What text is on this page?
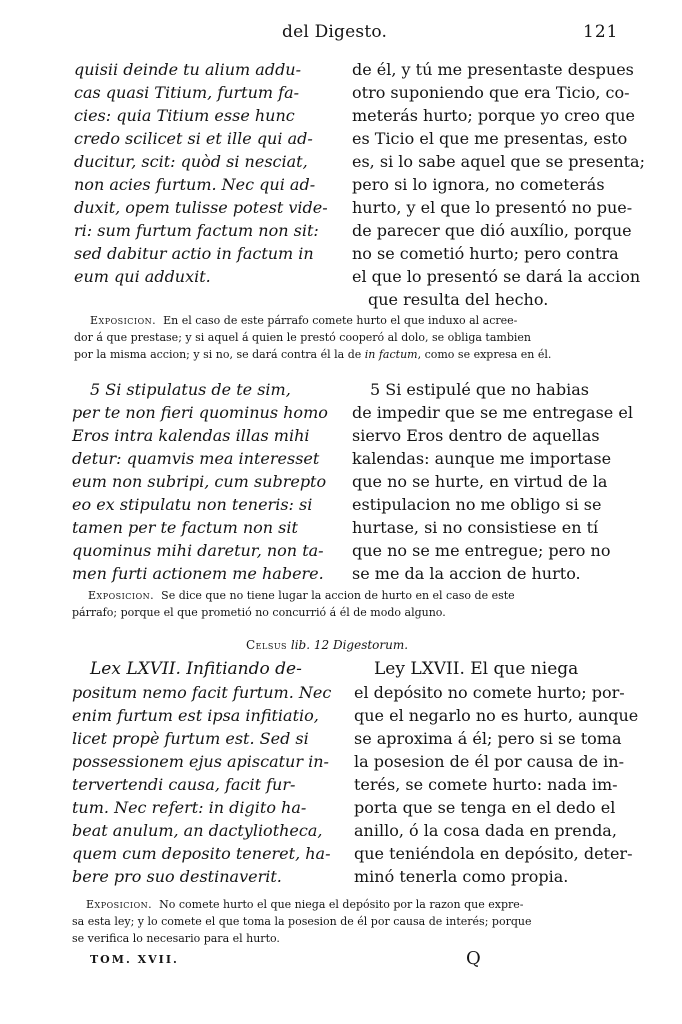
del Digesto.	121
quisii deinde tu alium addu-
cas quasi Titium, furtum fa-
cies: quia Titium esse hunc
credo scilicet si et ille qui ad-
ducitur, scit: quòd si nesciat,
non acies furtum. Nec qui ad-
duxit, opem tulisse potest vide-
ri: sum furtum factum non sit:
sed dabitur actio in factum in
eum qui adduxit.
de él, y tú me presentaste despues
otro suponiendo que era Ticio, co-
meterás hurto; porque yo creo que
es Ticio el que me presentas, esto
es, si lo sabe aquel que se presenta;
pero si lo ignora, no cometerás
hurto, y el que lo presentó no pue-
de parecer que dió auxílio, porque
no se cometió hurto; pero contra
el que lo presentó se dará la accion
que resulta del hecho.
Exposicion. En el caso de este párrafo comete hurto el que induxo al acree-
dor á que prestase; y si aquel á quien le prestó cooperó al dolo, se obliga tambien
por la misma accion; y si no, se dará contra él la de in factum, como se expresa en él.
5 Si stipulatus de te sim,
per te non fieri quominus homo
Eros intra kalendas illas mihi
detur: quamvis mea interesset
eum non subripi, cum subrepto
eo ex stipulatu non teneris: si
tamen per te factum non sit
quominus mihi daretur, non ta-
men furti actionem me habere.
5 Si estipulé que no habias
de impedir que se me entregase el
siervo Eros dentro de aquellas
kalendas: aunque me importase
que no se hurte, en virtud de la
estipulacion no me obligo si se
hurtase, si no consistiese en tí
que no se me entregue; pero no
se me da la accion de hurto.
Exposicion. Se dice que no tiene lugar la accion de hurto en el caso de este
párrafo; porque el que prometió no concurrió á él de modo alguno.
Celsus lib. 12 Digestorum.
Lex LXVII. Infitiando de-
positum nemo facit furtum. Nec
enim furtum est ipsa infitiatio,
licet propè furtum est. Sed si
possessionem ejus apiscatur in-
tervertendi causa, facit fur-
tum. Nec refert: in digito ha-
beat anulum, an dactyliotheca,
quem cum deposito teneret, ha-
bere pro suo destinaverit.
Ley LXVII. El que niega
el depósito no comete hurto; por-
que el negarlo no es hurto, aunque
se aproxima á él; pero si se toma
la posesion de él por causa de in-
terés, se comete hurto: nada im-
porta que se tenga en el dedo el
anillo, ó la cosa dada en prenda,
que teniéndola en depósito, deter-
minó tenerla como propia.
Exposicion. No comete hurto el que niega el depósito por la razon que expre-
sa esta ley; y lo comete el que toma la posesion de él por causa de interés; porque
se verifica lo necesario para el hurto.
TOM. XVII.	Q
